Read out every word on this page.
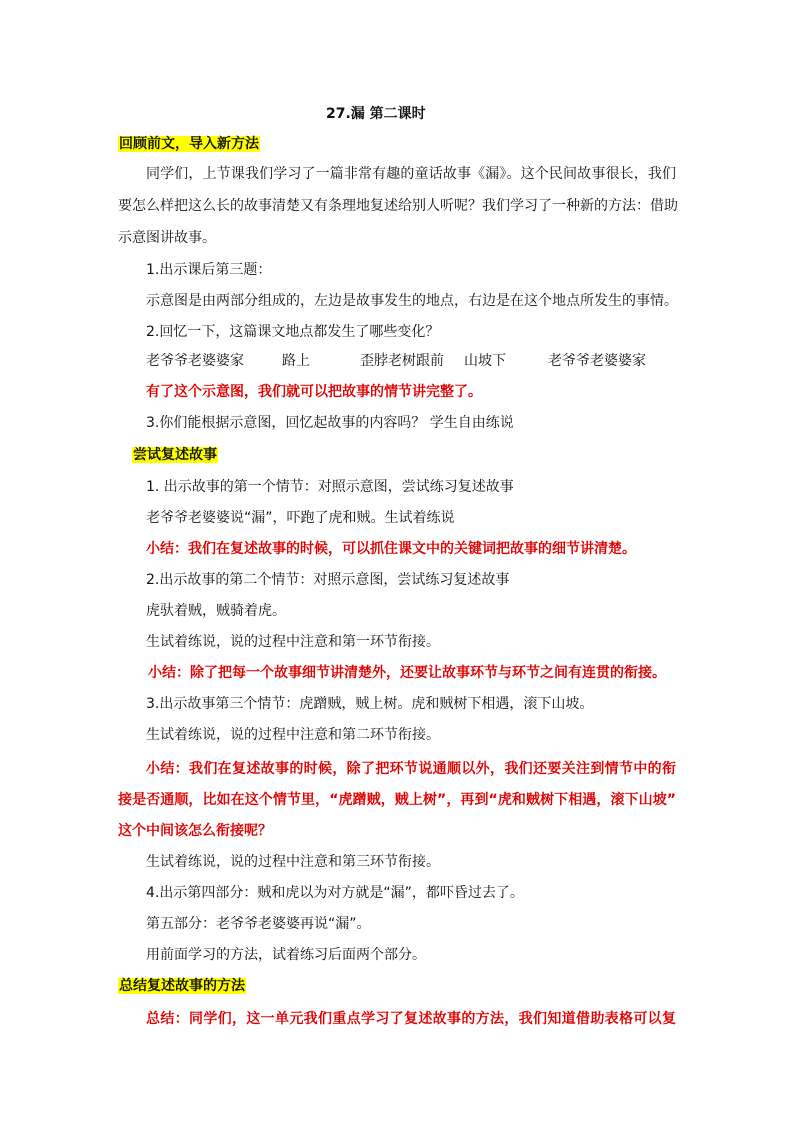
27.漏 第二课时
回顾前文，导入新方法
同学们，上节课我们学习了一篇非常有趣的童话故事《漏》。这个民间故事很长，我们
要怎么样把这么长的故事清楚又有条理地复述给别人听呢？我们学习了一种新的方法：借助
示意图讲故事。
1.出示课后第三题：
示意图是由两部分组成的，左边是故事发生的地点，右边是在这个地点所发生的事情。
2.回忆一下，这篇课文地点都发生了哪些变化？
老爷爷老婆婆家	路上	歪脖老树跟前 山坡下	老爷爷老婆婆家
有了这个示意图，我们就可以把故事的情节讲完整了。
3.你们能根据示意图，回忆起故事的内容吗？ 学生自由练说
尝试复述故事
1. 出示故事的第一个情节：对照示意图，尝试练习复述故事
老爷爷老婆婆说“漏”，吓跑了虎和贼。生试着练说
小结：我们在复述故事的时候，可以抓住课文中的关键词把故事的细节讲清楚。
2.出示故事的第二个情节：对照示意图，尝试练习复述故事
虎驮着贼，贼骑着虎。
生试着练说，说的过程中注意和第一环节衔接。
小结：除了把每一个故事细节讲清楚外，还要让故事环节与环节之间有连贯的衔接。
3.出示故事第三个情节：虎蹭贼，贼上树。虎和贼树下相遇，滚下山坡。
生试着练说，说的过程中注意和第二环节衔接。
小结：我们在复述故事的时候，除了把环节说通顺以外，我们还要关注到情节中的衔
接是否通顺，比如在这个情节里，“虎蹭贼，贼上树”，再到“虎和贼树下相遇，滚下山坡”
这个中间该怎么衔接呢？
生试着练说，说的过程中注意和第三环节衔接。
4.出示第四部分：贼和虎以为对方就是“漏”，都吓昏过去了。
第五部分：老爷爷老婆婆再说“漏”。
用前面学习的方法，试着练习后面两个部分。
总结复述故事的方法
总结：同学们，这一单元我们重点学习了复述故事的方法，我们知道借助表格可以复
